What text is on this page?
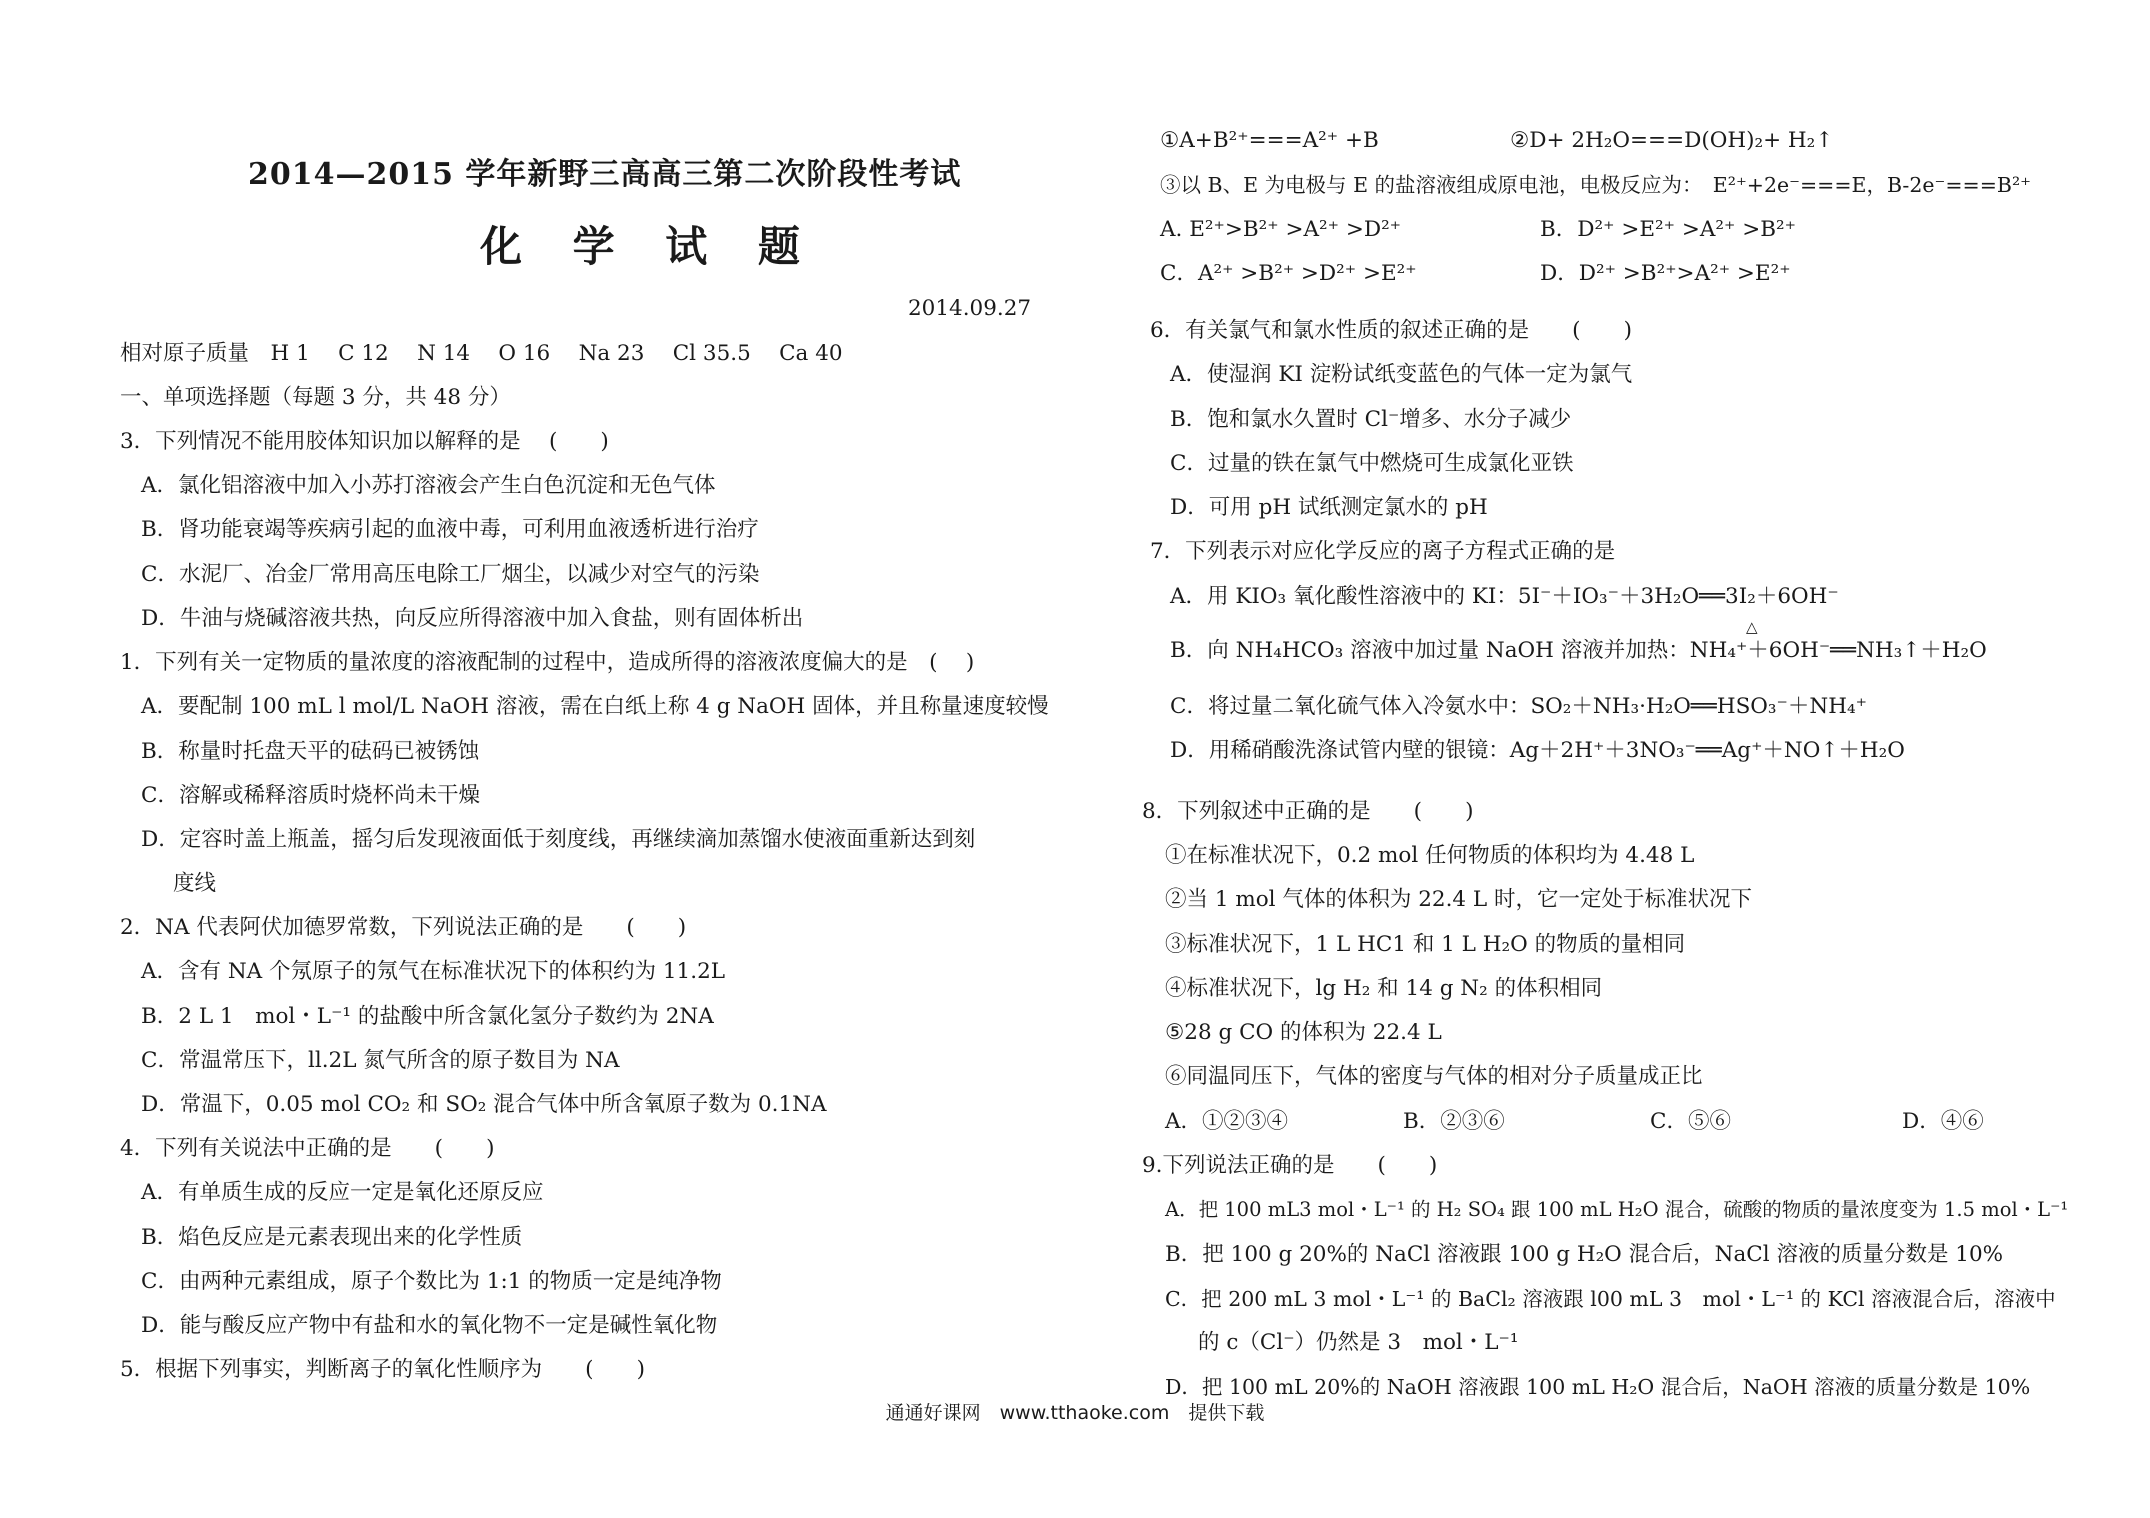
2014—2015 学年新野三高高三第二次阶段性考试
化 学 试 题
2014.09.27
相对原子质量　H 1　 C 12　 N 14　 O 16　 Na 23　 Cl 35.5　 Ca 40
一、单项选择题（每题 3 分，共 48 分）
3．下列情况不能用胶体知识加以解释的是　 (　　)
A．氯化铝溶液中加入小苏打溶液会产生白色沉淀和无色气体
B．肾功能衰竭等疾病引起的血液中毒，可利用血液透析进行治疗
C．水泥厂、冶金厂常用高压电除工厂烟尘，以减少对空气的污染
D．牛油与烧碱溶液共热，向反应所得溶液中加入食盐，则有固体析出
1．下列有关一定物质的量浓度的溶液配制的过程中，造成所得的溶液浓度偏大的是　(　 )
A．要配制 100 mL l mol/L NaOH 溶液，需在白纸上称 4 g NaOH 固体，并且称量速度较慢
B．称量时托盘天平的砝码已被锈蚀
C．溶解或稀释溶质时烧杯尚未干燥
D．定容时盖上瓶盖，摇匀后发现液面低于刻度线，再继续滴加蒸馏水使液面重新达到刻
度线
2．NA 代表阿伏加德罗常数，下列说法正确的是　　(　　)
A．含有 NA 个氖原子的氖气在标准状况下的体积约为 11.2L
B．2 L 1　mol・L⁻¹ 的盐酸中所含氯化氢分子数约为 2NA
C．常温常压下，ll.2L 氮气所含的原子数目为 NA
D．常温下，0.05 mol CO₂ 和 SO₂ 混合气体中所含氧原子数为 0.1NA
4．下列有关说法中正确的是　　(　　)
A．有单质生成的反应一定是氧化还原反应
B．焰色反应是元素表现出来的化学性质
C．由两种元素组成，原子个数比为 1:1 的物质一定是纯净物
D．能与酸反应产物中有盐和水的氧化物不一定是碱性氧化物
5．根据下列事实，判断离子的氧化性顺序为　　(　　)
①A+B²⁺===A²⁺ +B	②D+ 2H₂O===D(OH)₂+ H₂↑
③以 B、E 为电极与 E 的盐溶液组成原电池，电极反应为：　E²⁺+2e⁻===E，B-2e⁻===B²⁺
A. E²⁺>B²⁺ >A²⁺ >D²⁺	B．D²⁺ >E²⁺ >A²⁺ >B²⁺
C．A²⁺ >B²⁺ >D²⁺ >E²⁺	D．D²⁺ >B²⁺>A²⁺ >E²⁺
6．有关氯气和氯水性质的叙述正确的是　　(　　)
A．使湿润 KI 淀粉试纸变蓝色的气体一定为氯气
B．饱和氯水久置时 Cl⁻增多、水分子减少
C．过量的铁在氯气中燃烧可生成氯化亚铁
D．可用 pH 试纸测定氯水的 pH
7．下列表示对应化学反应的离子方程式正确的是
A．用 KIO₃ 氧化酸性溶液中的 KI：5I⁻＋IO₃⁻＋3H₂O══3I₂＋6OH⁻
△
B．向 NH₄HCO₃ 溶液中加过量 NaOH 溶液并加热：NH₄⁺＋6OH⁻══NH₃↑＋H₂O
C．将过量二氧化硫气体入冷氨水中：SO₂＋NH₃·H₂O══HSO₃⁻＋NH₄⁺
D．用稀硝酸洗涤试管内壁的银镜：Ag＋2H⁺＋3NO₃⁻══Ag⁺＋NO↑＋H₂O
8．下列叙述中正确的是　　(　　)
①在标准状况下，0.2 mol 任何物质的体积均为 4.48 L
②当 1 mol 气体的体积为 22.4 L 时，它一定处于标准状况下
③标准状况下，1 L HC1 和 1 L H₂O 的物质的量相同
④标准状况下，lg H₂ 和 14 g N₂ 的体积相同
⑤28 g CO 的体积为 22.4 L
⑥同温同压下，气体的密度与气体的相对分子质量成正比
A．①②③④	B．②③⑥	C．⑤⑥	D．④⑥
9.下列说法正确的是　　(　　)
A．把 100 mL3 mol・L⁻¹ 的 H₂ SO₄ 跟 100 mL H₂O 混合，硫酸的物质的量浓度变为 1.5 mol・L⁻¹
B．把 100 g 20%的 NaCl 溶液跟 100 g H₂O 混合后，NaCl 溶液的质量分数是 10%
C．把 200 mL 3 mol・L⁻¹ 的 BaCl₂ 溶液跟 l00 mL 3　mol・L⁻¹ 的 KCl 溶液混合后，溶液中
的 c（Cl⁻）仍然是 3　mol・L⁻¹
D．把 100 mL 20%的 NaOH 溶液跟 100 mL H₂O 混合后，NaOH 溶液的质量分数是 10%
通通好课网　www.tthaoke.com　提供下载
